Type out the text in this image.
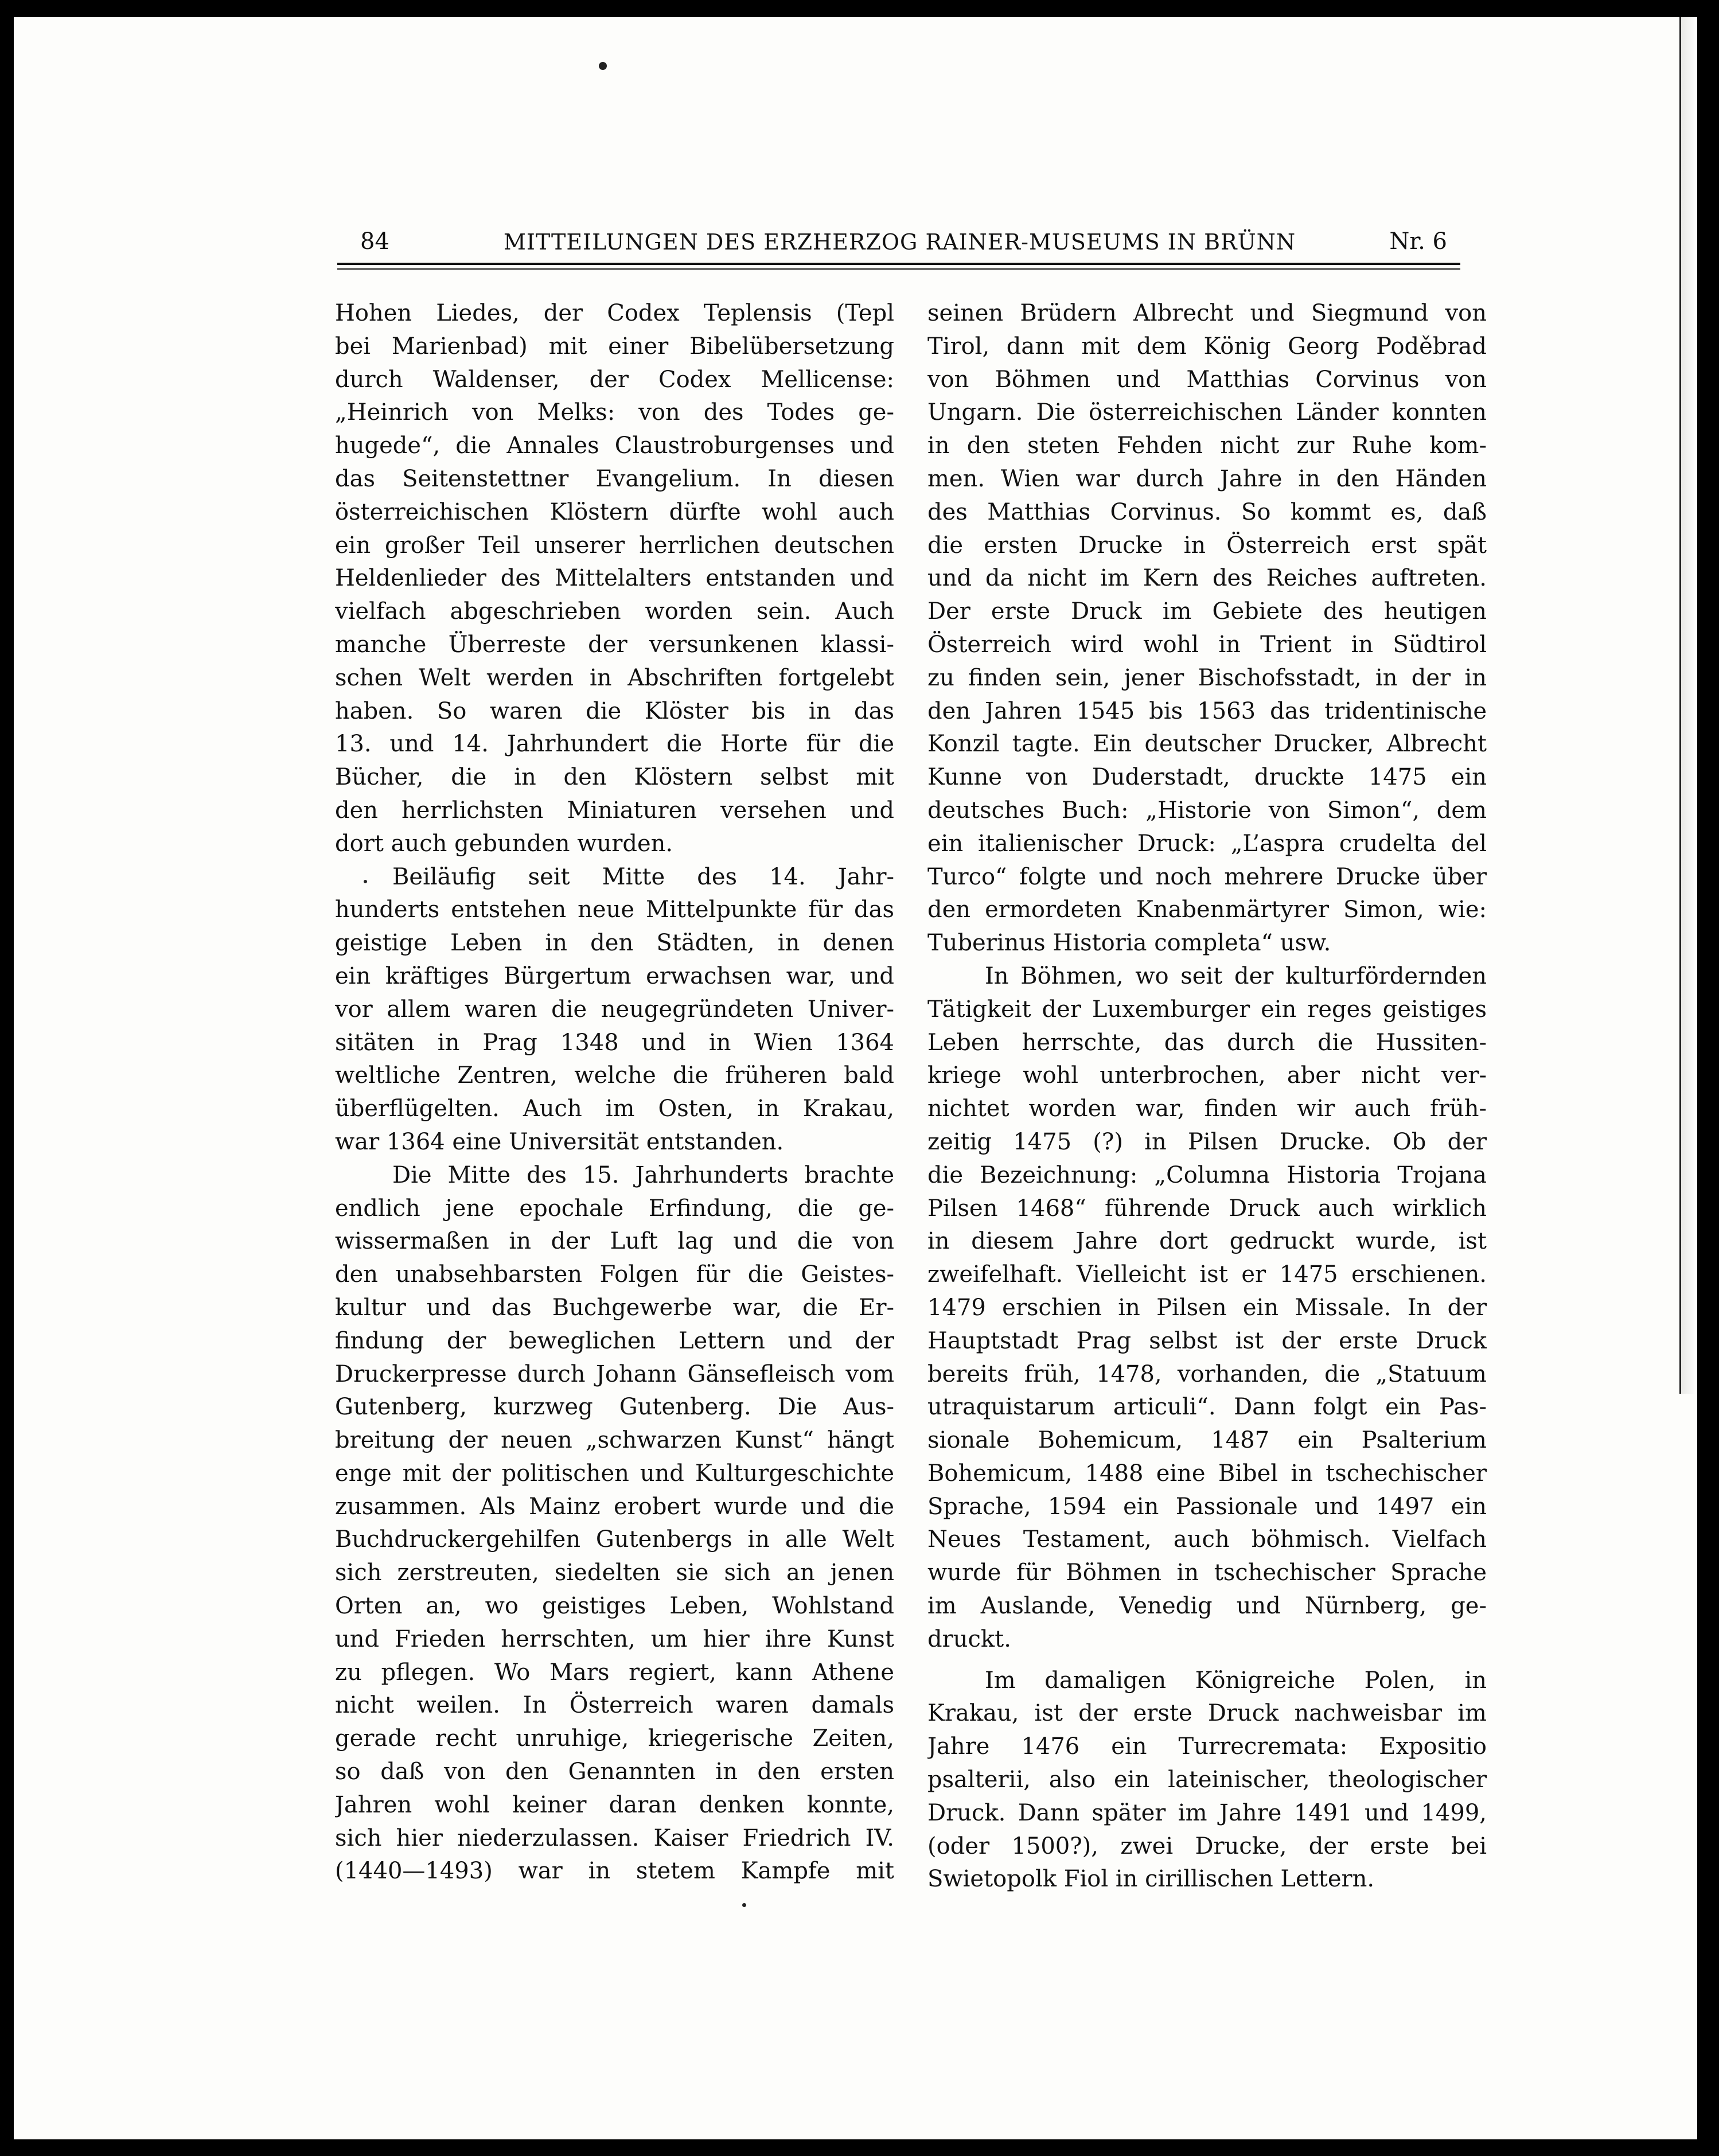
84	MITTEILUNGEN DES ERZHERZOG RAINER-MUSEUMS IN BRÜNN	Nr. 6
Hohen Liedes, der Codex Teplensis (Tepl
bei Marienbad) mit einer Bibelübersetzung
durch Waldenser, der Codex Mellicense:
„Heinrich von Melks: von des Todes ge-
hugede“, die Annales Claustroburgenses und
das Seitenstettner Evangelium. In diesen
österreichischen Klöstern dürfte wohl auch
ein großer Teil unserer herrlichen deutschen
Heldenlieder des Mittelalters entstanden und
vielfach abgeschrieben worden sein. Auch
manche Überreste der versunkenen klassi-
schen Welt werden in Abschriften fortgelebt
haben. So waren die Klöster bis in das
13. und 14. Jahrhundert die Horte für die
Bücher, die in den Klöstern selbst mit
den herrlichsten Miniaturen versehen und
dort auch gebunden wurden.
Beiläufig seit Mitte des 14. Jahr-
hunderts entstehen neue Mittelpunkte für das
geistige Leben in den Städten, in denen
ein kräftiges Bürgertum erwachsen war, und
vor allem waren die neugegründeten Univer-
sitäten in Prag 1348 und in Wien 1364
weltliche Zentren, welche die früheren bald
überflügelten. Auch im Osten, in Krakau,
war 1364 eine Universität entstanden.
Die Mitte des 15. Jahrhunderts brachte
endlich jene epochale Erfindung, die ge-
wissermaßen in der Luft lag und die von
den unabsehbarsten Folgen für die Geistes-
kultur und das Buchgewerbe war, die Er-
findung der beweglichen Lettern und der
Druckerpresse durch Johann Gänsefleisch vom
Gutenberg, kurzweg Gutenberg. Die Aus-
breitung der neuen „schwarzen Kunst“ hängt
enge mit der politischen und Kulturgeschichte
zusammen. Als Mainz erobert wurde und die
Buchdruckergehilfen Gutenbergs in alle Welt
sich zerstreuten, siedelten sie sich an jenen
Orten an, wo geistiges Leben, Wohlstand
und Frieden herrschten, um hier ihre Kunst
zu pflegen. Wo Mars regiert, kann Athene
nicht weilen. In Österreich waren damals
gerade recht unruhige, kriegerische Zeiten,
so daß von den Genannten in den ersten
Jahren wohl keiner daran denken konnte,
sich hier niederzulassen. Kaiser Friedrich IV.
(1440—1493) war in stetem Kampfe mit
seinen Brüdern Albrecht und Siegmund von
Tirol, dann mit dem König Georg Poděbrad
von Böhmen und Matthias Corvinus von
Ungarn. Die österreichischen Länder konnten
in den steten Fehden nicht zur Ruhe kom-
men. Wien war durch Jahre in den Händen
des Matthias Corvinus. So kommt es, daß
die ersten Drucke in Österreich erst spät
und da nicht im Kern des Reiches auftreten.
Der erste Druck im Gebiete des heutigen
Österreich wird wohl in Trient in Südtirol
zu finden sein, jener Bischofsstadt, in der in
den Jahren 1545 bis 1563 das tridentinische
Konzil tagte. Ein deutscher Drucker, Albrecht
Kunne von Duderstadt, druckte 1475 ein
deutsches Buch: „Historie von Simon“, dem
ein italienischer Druck: „L’aspra crudelta del
Turco“ folgte und noch mehrere Drucke über
den ermordeten Knabenmärtyrer Simon, wie:
Tuberinus Historia completa“ usw.
In Böhmen, wo seit der kulturfördernden
Tätigkeit der Luxemburger ein reges geistiges
Leben herrschte, das durch die Hussiten-
kriege wohl unterbrochen, aber nicht ver-
nichtet worden war, finden wir auch früh-
zeitig 1475 (?) in Pilsen Drucke. Ob der
die Bezeichnung: „Columna Historia Trojana
Pilsen 1468“ führende Druck auch wirklich
in diesem Jahre dort gedruckt wurde, ist
zweifelhaft. Vielleicht ist er 1475 erschienen.
1479 erschien in Pilsen ein Missale. In der
Hauptstadt Prag selbst ist der erste Druck
bereits früh, 1478, vorhanden, die „Statuum
utraquistarum articuli“. Dann folgt ein Pas-
sionale Bohemicum, 1487 ein Psalterium
Bohemicum, 1488 eine Bibel in tschechischer
Sprache, 1594 ein Passionale und 1497 ein
Neues Testament, auch böhmisch. Vielfach
wurde für Böhmen in tschechischer Sprache
im Auslande, Venedig und Nürnberg, ge-
druckt.
Im damaligen Königreiche Polen, in
Krakau, ist der erste Druck nachweisbar im
Jahre 1476 ein Turrecremata: Expositio
psalterii, also ein lateinischer, theologischer
Druck. Dann später im Jahre 1491 und 1499,
(oder 1500?), zwei Drucke, der erste bei
Swietopolk Fiol in cirillischen Lettern.
